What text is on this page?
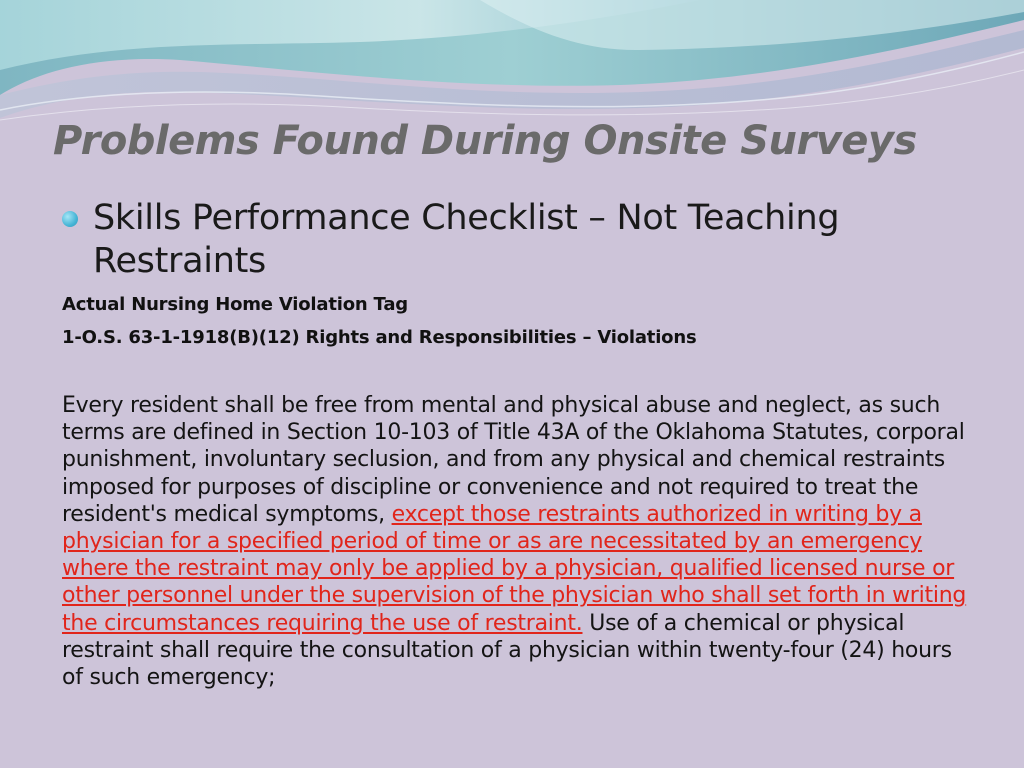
Problems Found During Onsite Surveys
Skills Performance Checklist – Not Teaching Restraints
Actual Nursing Home Violation Tag
1-O.S. 63-1-1918(B)(12) Rights and Responsibilities – Violations

Every resident shall be free from mental and physical abuse and neglect, as such terms are defined in Section 10-103 of Title 43A of the Oklahoma Statutes, corporal punishment, involuntary seclusion, and from any physical and chemical restraints imposed for purposes of discipline or convenience and not required to treat the resident's medical symptoms, except those restraints authorized in writing by a physician for a specified period of time or as are necessitated by an emergency where the restraint may only be applied by a physician, qualified licensed nurse or other personnel under the supervision of the physician who shall set forth in writing the circumstances requiring the use of restraint. Use of a chemical or physical restraint shall require the consultation of a physician within twenty-four (24) hours of such emergency;
